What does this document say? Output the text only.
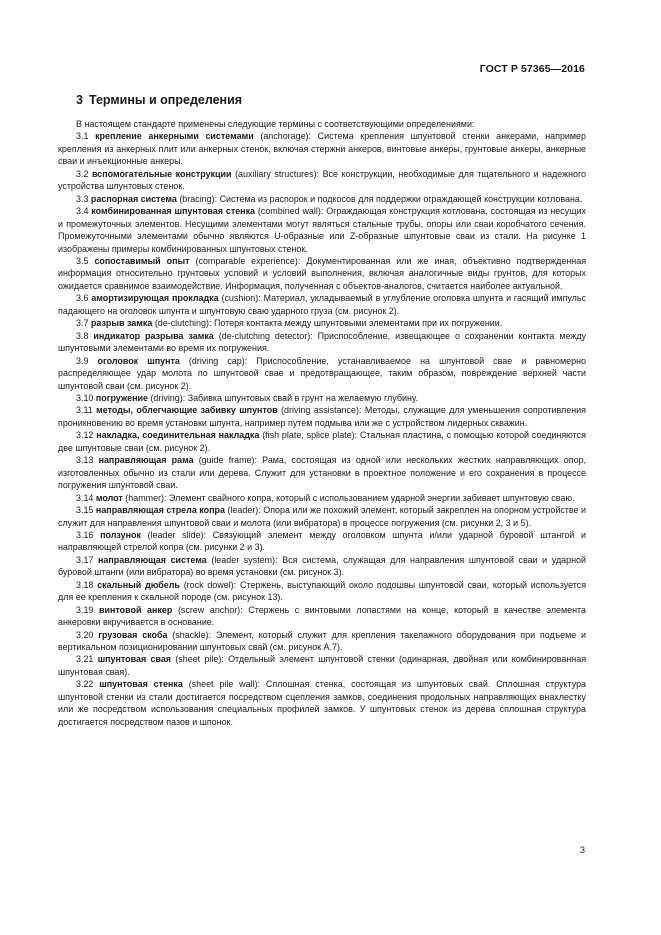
ГОСТ Р 57365—2016
3 Термины и определения

В настоящем стандарте применены следующие термины с соответствующими определениями:

3.1 крепление анкерными системами (anchorage): Система крепления шпунтовой стенки анкерами, например крепления из анкерных плит или анкерных стенок, включая стержни анкеров, винтовые анкеры, грунтовые анкеры, анкерные сваи и инъекционные анкеры.

3.2 вспомогательные конструкции (auxiliary structures): Все конструкции, необходимые для тщательного и надежного устройства шпунтовых стенок.

3.3 распорная система (bracing): Система из распорок и подкосов для поддержки ограждающей конструкции котлована.

3.4 комбинированная шпунтовая стенка (combined wall): Ограждающая конструкция котлована, состоящая из несущих и промежуточных элементов. Несущими элементами могут являться стальные трубы, опоры или сваи коробчатого сечения. Промежуточными элементами обычно являются U-образные или Z-образные шпунтовые сваи из стали. На рисунке 1 изображены примеры комбинированных шпунтовых стенок.

3.5 сопоставимый опыт (comparable experience): Документированная или же иная, объективно подтвержденная информация относительно грунтовых условий и условий выполнения, включая аналогичные виды грунтов, для которых ожидается сравнимое взаимодействие. Информация, полученная с объектов-аналогов, считается наиболее актуальной.

3.6 амортизирующая прокладка (cushion): Материал, укладываемый в углубление оголовка шпунта и гасящий импульс падающего на оголовок шпунта и шпунтовую сваю ударного груза (см. рисунок 2).

3.7 разрыв замка (de-clutching): Потеря контакта между шпунтовыми элементами при их погружении.

3.8 индикатор разрыва замка (de-clutching detector): Приспособление, извещающее о сохранении контакта между шпунтовыми элементами во время их погружения.

3.9 оголовок шпунта (driving cap): Приспособление, устанавливаемое на шпунтовой свае и равномерно распределяющее удар молота по шпунтовой свае и предотвращающее, таким образом, повреждение верхней части шпунтовой сваи (см. рисунок 2).

3.10 погружение (driving): Забивка шпунтовых свай в грунт на желаемую глубину.

3.11 методы, облегчающие забивку шпунтов (driving assistance): Методы, служащие для уменьшения сопротивления проникновению во время установки шпунта, например путем подмыва или же с устройством лидерных скважин.

3.12 накладка, соединительная накладка (fish plate, splice plate): Стальная пластина, с помощью которой соединяются две шпунтовые сваи (см. рисунок 2).

3.13 направляющая рама (guide frame): Рама, состоящая из одной или нескольких жестких направляющих опор, изготовленных обычно из стали или дерева. Служит для установки в проектное положение и его сохранения в процессе погружения шпунтовой сваи.

3.14 молот (hammer): Элемент свайного копра, который с использованием ударной энергии забивает шпунтовую сваю.

3.15 направляющая стрела копра (leader): Опора или же похожий элемент, который закреплен на опорном устройстве и служит для направления шпунтовой сваи и молота (или вибратора) в процессе погружения (см. рисунки 2, 3 и 5).

3.16 ползунок (leader slide): Связующий элемент между оголовком шпунта и/или ударной буровой штангой и направляющей стрелой копра (см. рисунки 2 и 3).

3.17 направляющая система (leader system): Вся система, служащая для направления шпунтовой сваи и ударной буровой штанги (или вибратора) во время установки (см. рисунок 3).

3.18 скальный дюбель (rock dowel): Стержень, выступающий около подошвы шпунтовой сваи, который используется для ее крепления к скальной породе (см. рисунок 13).

3.19 винтовой анкер (screw anchor): Стержень с винтовыми лопастями на конце, который в качестве элемента анкеровки вкручивается в основание.

3.20 грузовая скоба (shackle): Элемент, который служит для крепления такелажного оборудования при подъеме и вертикальном позиционировании шпунтовых свай (см. рисунок А.7).

3.21 шпунтовая свая (sheet pile): Отдельный элемент шпунтовой стенки (одинарная, двойная или комбинированная шпунтовая свая).

3.22 шпунтовая стенка (sheet pile wall): Сплошная стенка, состоящая из шпунтовых свай. Сплошная структура шпунтовой стенки из стали достигается посредством сцепления замков, соединения продольных направляющих внахлестку или же посредством использования специальных профилей замков. У шпунтовых стенок из дерева сплошная структура достигается посредством пазов и шпонок.

3
